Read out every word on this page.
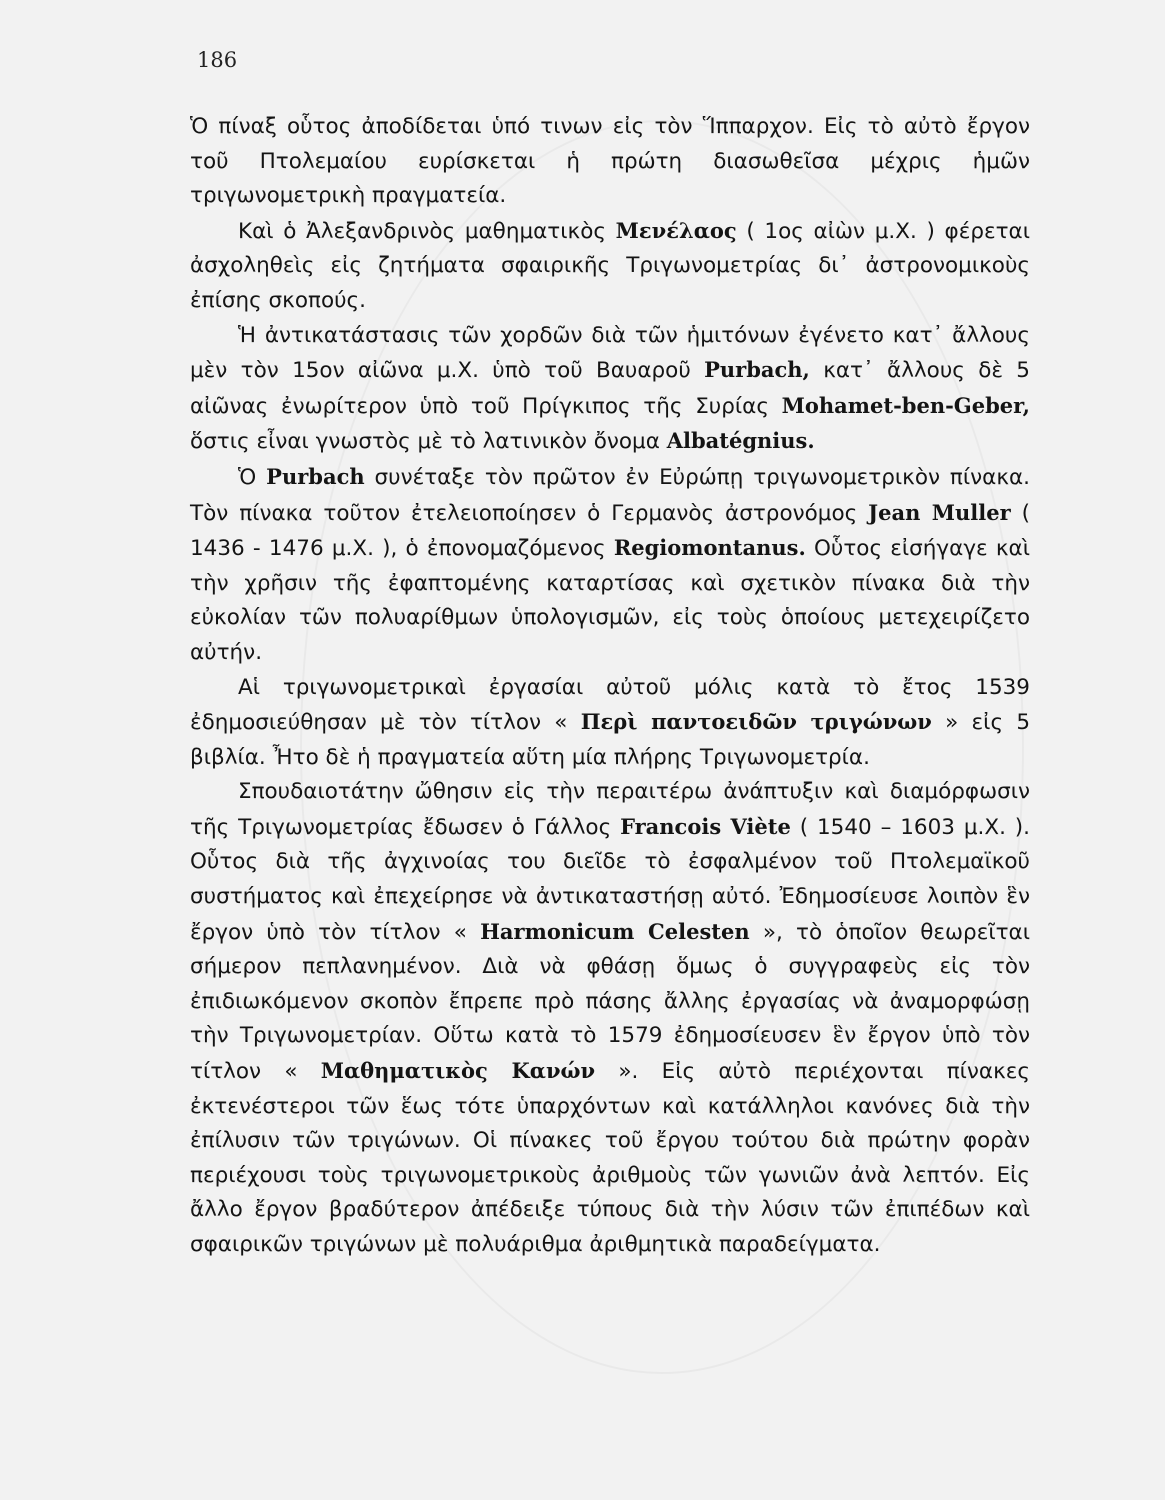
186

Ὁ πίναξ οὗτος ἀποδίδεται ὑπό τινων εἰς τὸν Ἵππαρχον. Εἰς τὸ αὐτὸ ἔργον τοῦ Πτολεμαίου ευρίσκεται ἡ πρώτη διασωθεῖσα μέχρις ἡμῶν τριγωνομετρικὴ πραγματεία.

Καὶ ὁ Ἀλεξανδρινὸς μαθηματικὸς Μενέλαος ( 1ος αἰὼν μ.Χ. ) φέρεται ἀσχοληθεὶς εἰς ζητήματα σφαιρικῆς Τριγωνομετρίας δι᾽ ἀστρονομικοὺς ἐπίσης σκοπούς.

Ἡ ἀντικατάστασις τῶν χορδῶν διὰ τῶν ἡμιτόνων ἐγένετο κατ᾽ ἄλλους μὲν τὸν 15ον αἰῶνα μ.Χ. ὑπὸ τοῦ Βαυαροῦ Purbach, κατ᾽ ἄλλους δὲ 5 αἰῶνας ἐνωρίτερον ὑπὸ τοῦ Πρίγκιπος τῆς Συρίας Mohamet-ben-Geber, ὅστις εἶναι γνωστὸς μὲ τὸ λατινικὸν ὄνομα Albatégnius.

Ὁ Purbach συνέταξε τὸν πρῶτον ἐν Εὐρώπῃ τριγωνομετρικὸν πίνακα. Τὸν πίνακα τοῦτον ἐτελειοποίησεν ὁ Γερμανὸς ἀστρονόμος Jean Muller ( 1436 - 1476 μ.Χ. ), ὁ ἐπονομαζόμενος Regiomontanus. Οὗτος εἰσήγαγε καὶ τὴν χρῆσιν τῆς ἐφαπτομένης καταρτίσας καὶ σχετικὸν πίνακα διὰ τὴν εὐκολίαν τῶν πολυαρίθμων ὑπολογισμῶν, εἰς τοὺς ὁποίους μετεχειρίζετο αὐτήν.

Αἱ τριγωνομετρικαὶ ἐργασίαι αὐτοῦ μόλις κατὰ τὸ ἔτος 1539 ἐδημοσιεύθησαν μὲ τὸν τίτλον « Περὶ παντοειδῶν τριγώνων » εἰς 5 βιβλία. Ἦτο δὲ ἡ πραγματεία αὕτη μία πλήρης Τριγωνομετρία.

Σπουδαιοτάτην ὤθησιν εἰς τὴν περαιτέρω ἀνάπτυξιν καὶ διαμόρφωσιν τῆς Τριγωνομετρίας ἔδωσεν ὁ Γάλλος Francois Viète ( 1540 – 1603 μ.Χ. ). Οὗτος διὰ τῆς ἀγχινοίας του διεῖδε τὸ ἐσφαλμένον τοῦ Πτολεμαϊκοῦ συστήματος καὶ ἐπεχείρησε νὰ ἀντικαταστήσῃ αὐτό. Ἐδημοσίευσε λοιπὸν ἓν ἔργον ὑπὸ τὸν τίτλον « Harmonicum Celesten », τὸ ὁποῖον θεωρεῖται σήμερον πεπλανημένον. Διὰ νὰ φθάσῃ ὅμως ὁ συγγραφεὺς εἰς τὸν ἐπιδιωκόμενον σκοπὸν ἔπρεπε πρὸ πάσης ἄλλης ἐργασίας νὰ ἀναμορφώσῃ τὴν Τριγωνομετρίαν. Οὕτω κατὰ τὸ 1579 ἐδημοσίευσεν ἓν ἔργον ὑπὸ τὸν τίτλον « Μαθηματικὸς Κανών ». Εἰς αὐτὸ περιέχονται πίνακες ἐκτενέστεροι τῶν ἕως τότε ὑπαρχόντων καὶ κατάλληλοι κανόνες διὰ τὴν ἐπίλυσιν τῶν τριγώνων. Οἱ πίνακες τοῦ ἔργου τούτου διὰ πρώτην φορὰν περιέχουσι τοὺς τριγωνομετρικοὺς ἀριθμοὺς τῶν γωνιῶν ἀνὰ λεπτόν. Εἰς ἄλλο ἔργον βραδύτερον ἀπέδειξε τύπους διὰ τὴν λύσιν τῶν ἐπιπέδων καὶ σφαιρικῶν τριγώνων μὲ πολυάριθμα ἀριθμητικὰ παραδείγματα.
